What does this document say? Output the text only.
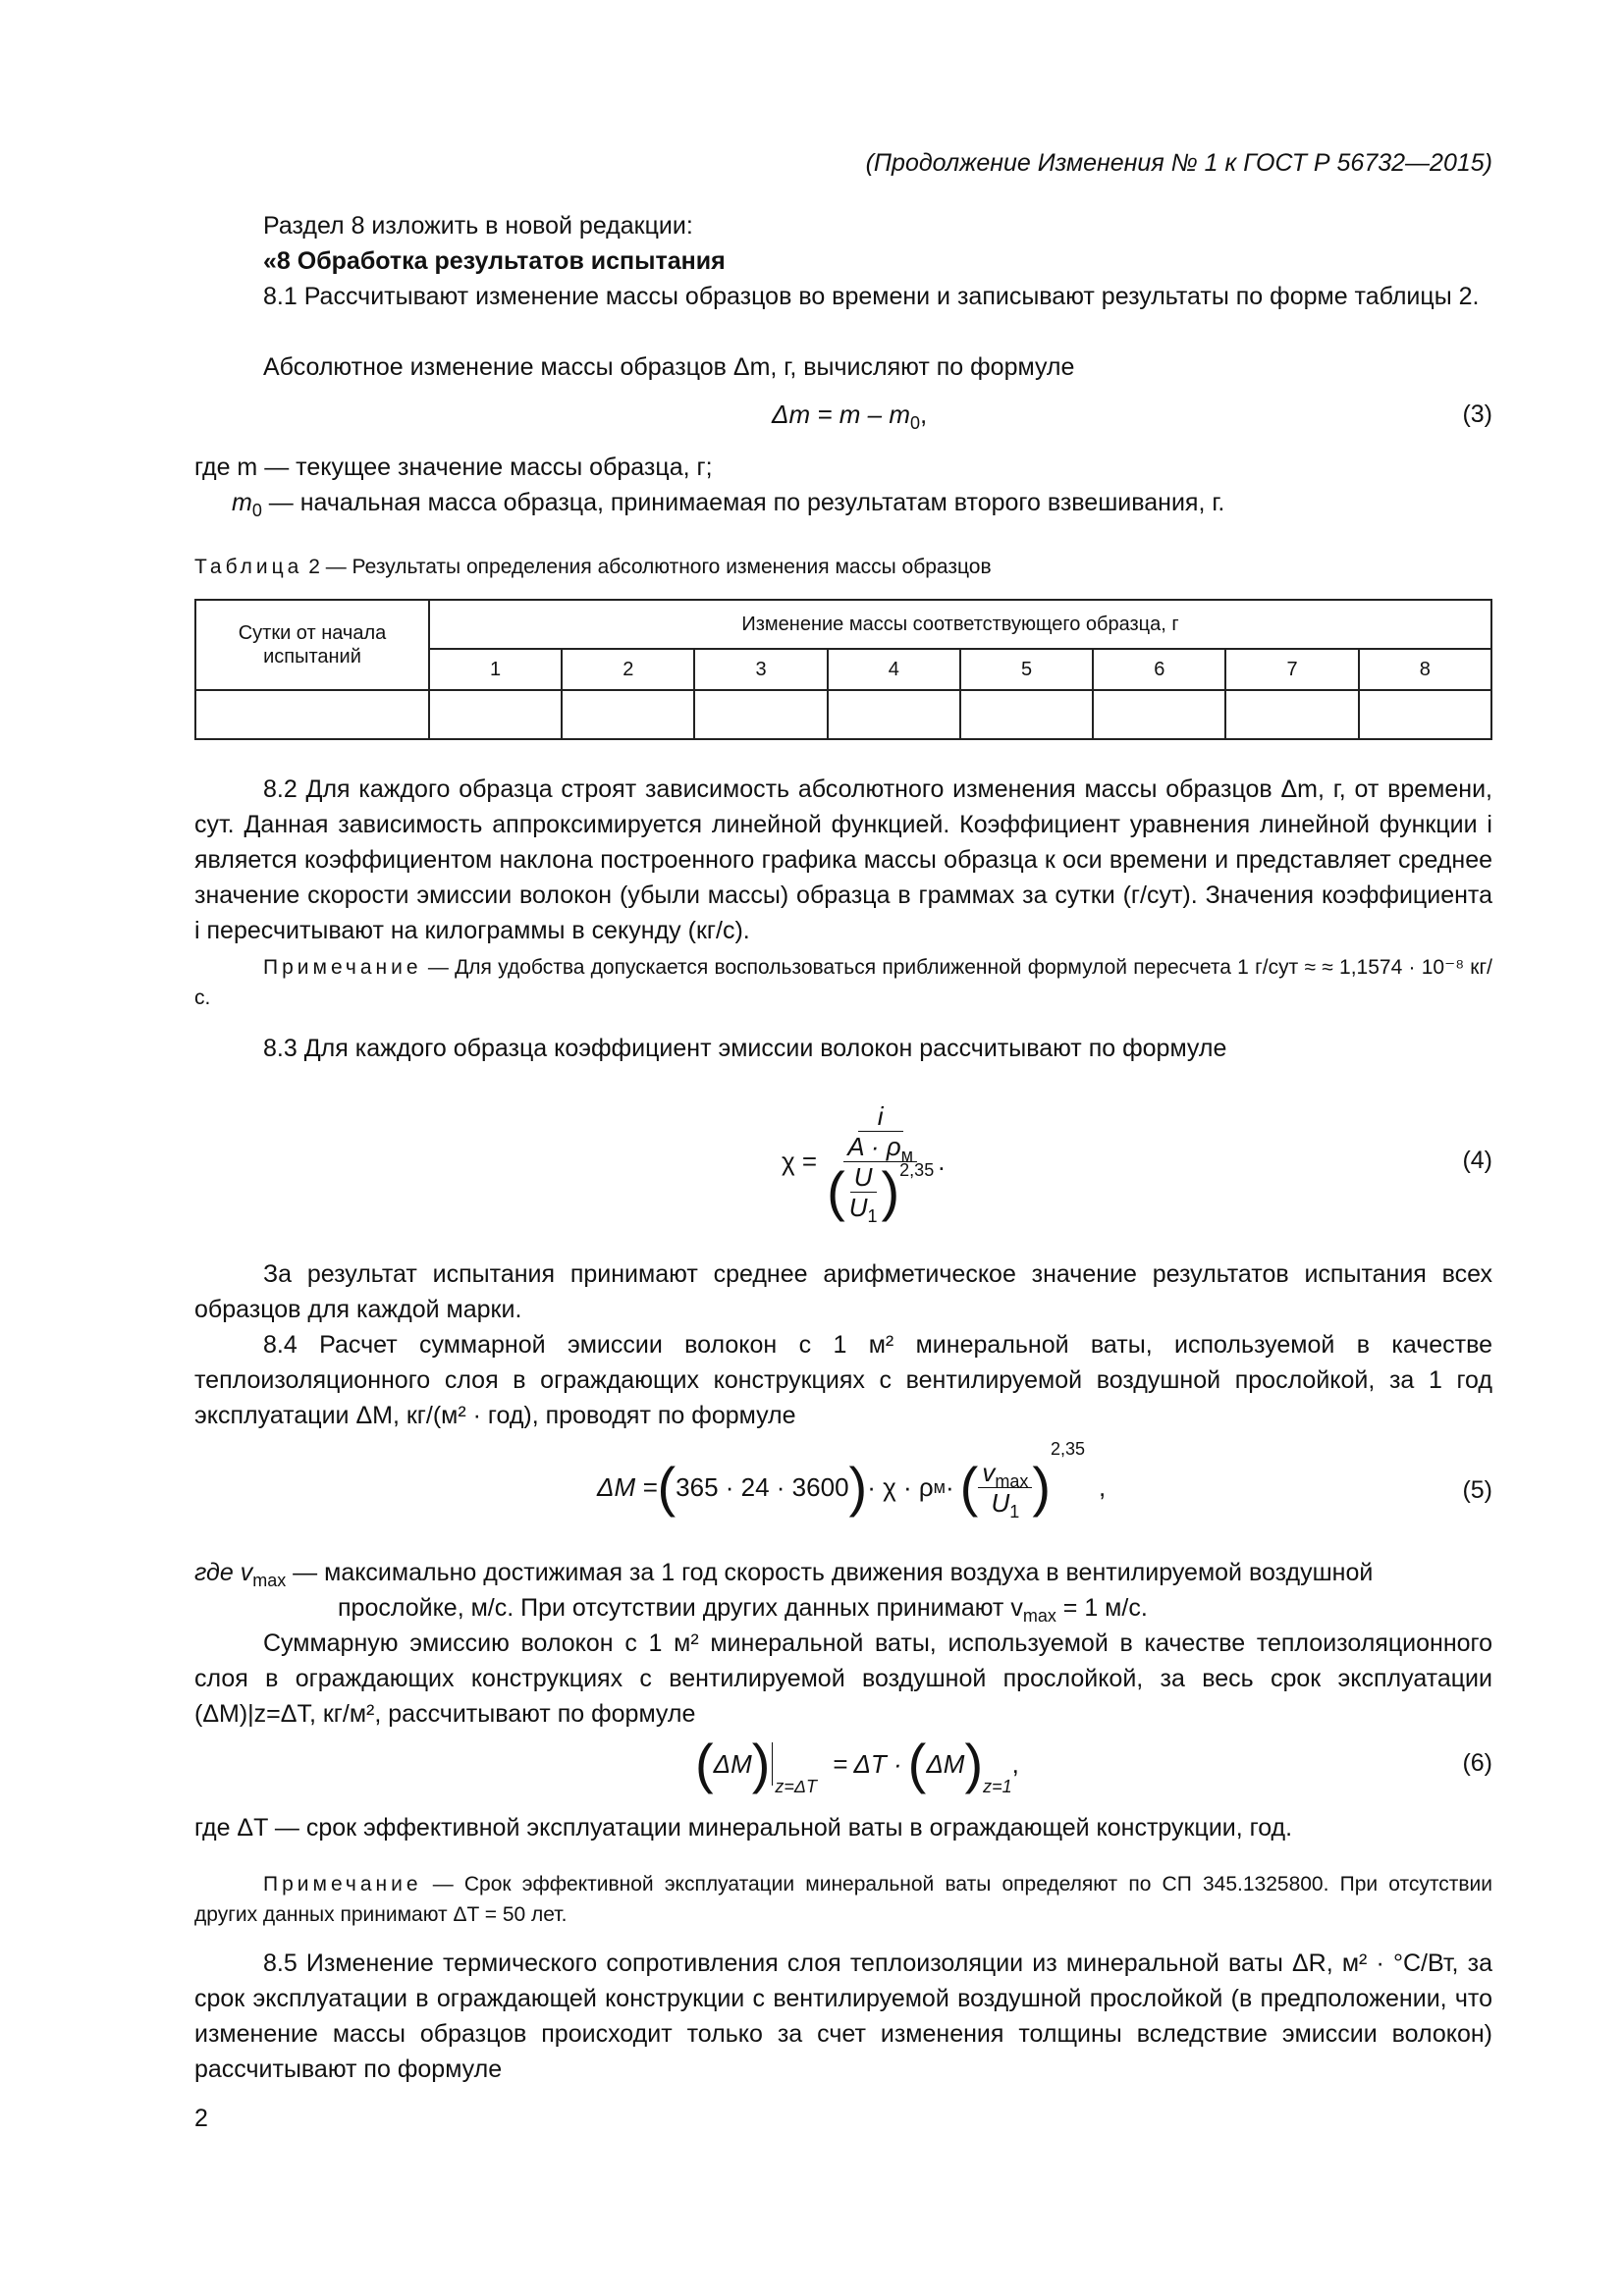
(Продолжение Изменения № 1 к ГОСТ Р 56732—2015)

Раздел 8 изложить в новой редакции:

«8 Обработка результатов испытания

8.1 Рассчитывают изменение массы образцов во времени и записывают результаты по форме таблицы 2.

Абсолютное изменение массы образцов Δm, г, вычисляют по формуле

$\Delta m = m - m_0$,	(3)

где m — текущее значение массы образца, г;

$m_0$ — начальная масса образца, принимаемая по результатам второго взвешивания, г.

Таблица 2 — Результаты определения абсолютного изменения массы образцов

Сутки от начала испытаний	Изменение массы соответствующего образца, г							
	1	2	3	4	5	6	7	8

8.2 Для каждого образца строят зависимость абсолютного изменения массы образцов Δm, г, от времени, сут. Данная зависимость аппроксимируется линейной функцией. Коэффициент уравнения линейной функции i является коэффициентом наклона построенного графика массы образца к оси времени и представляет среднее значение скорости эмиссии волокон (убыли массы) образца в граммах за сутки (г/сут). Значения коэффициента i пересчитывают на килограммы в секунду (кг/с).

Примечание — Для удобства допускается воспользоваться приближенной формулой пересчета 1 г/сут ≈ ≈ 1,1574 · 10⁻⁸ кг/с.

8.3 Для каждого образца коэффициент эмиссии волокон рассчитывают по формуле

χ =
i
$A \cdot \rho_м$
( $\frac{U}{U_1}$ ) 2,35 .	(4)

За результат испытания принимают среднее арифметическое значение результатов испытания всех образцов для каждой марки.

8.4 Расчет суммарной эмиссии волокон с 1 м² минеральной ваты, используемой в качестве теплоизоляционного слоя в ограждающих конструкциях с вентилируемой воздушной прослойкой, за 1 год эксплуатации ΔM, кг/(м² · год), проводят по формуле

ΔM = ( 365 · 24 · 3600 ) · χ · ρ м · ( $\frac{v_{max}}{U_1}$ )
2,35
,	(5)

где $v_{max}$ — максимально достижимая за 1 год скорость движения воздуха в вентилируемой воздушной

прослойке, м/с. При отсутствии других данных принимают $v_{max} = 1$ м/с.

Суммарную эмиссию волокон с 1 м² минеральной ваты, используемой в качестве теплоизоляционного слоя в ограждающих конструкциях с вентилируемой воздушной прослойкой, за весь срок эксплуатации (ΔM)|z=ΔT, кг/м², рассчитывают по формуле

( ΔM ) z=ΔT
= ΔT · ( ΔM ) z=1
,	(6)

где ΔT — срок эффективной эксплуатации минеральной ваты в ограждающей конструкции, год.

Примечание — Срок эффективной эксплуатации минеральной ваты определяют по СП 345.1325800. При отсутствии других данных принимают ΔT = 50 лет.

8.5 Изменение термического сопротивления слоя теплоизоляции из минеральной ваты ΔR, м² · °С/Вт, за срок эксплуатации в ограждающей конструкции с вентилируемой воздушной прослойкой (в предположении, что изменение массы образцов происходит только за счет изменения толщины вследствие эмиссии волокон) рассчитывают по формуле

2
